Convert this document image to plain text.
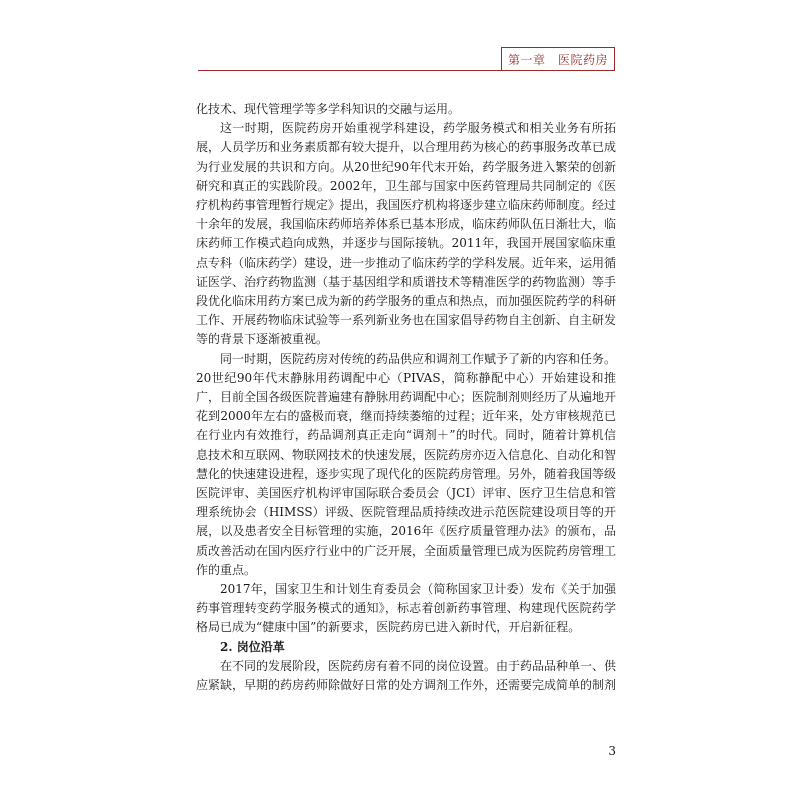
第一章　医院药房

化技术、现代管理学等多学科知识的交融与运用。

这一时期，医院药房开始重视学科建设，药学服务模式和相关业务有所拓展，人员学历和业务素质都有较大提升，以合理用药为核心的药事服务改革已成为行业发展的共识和方向。从20世纪90年代末开始，药学服务进入繁荣的创新研究和真正的实践阶段。2002年，卫生部与国家中医药管理局共同制定的《医疗机构药事管理暂行规定》提出，我国医疗机构将逐步建立临床药师制度。经过十余年的发展，我国临床药师培养体系已基本形成，临床药师队伍日渐壮大，临床药师工作模式趋向成熟，并逐步与国际接轨。2011年，我国开展国家临床重点专科（临床药学）建设，进一步推动了临床药学的学科发展。近年来，运用循证医学、治疗药物监测（基于基因组学和质谱技术等精准医学的药物监测）等手段优化临床用药方案已成为新的药学服务的重点和热点，而加强医院药学的科研工作、开展药物临床试验等一系列新业务也在国家倡导药物自主创新、自主研发等的背景下逐渐被重视。

同一时期，医院药房对传统的药品供应和调剂工作赋予了新的内容和任务。20世纪90年代末静脉用药调配中心（PIVAS，简称静配中心）开始建设和推广，目前全国各级医院普遍建有静脉用药调配中心；医院制剂则经历了从遍地开花到2000年左右的盛极而衰，继而持续萎缩的过程；近年来，处方审核规范已在行业内有效推行，药品调剂真正走向“调剂＋”的时代。同时，随着计算机信息技术和互联网、物联网技术的快速发展，医院药房亦迈入信息化、自动化和智慧化的快速建设进程，逐步实现了现代化的医院药房管理。另外，随着我国等级医院评审、美国医疗机构评审国际联合委员会（JCI）评审、医疗卫生信息和管理系统协会（HIMSS）评级、医院管理品质持续改进示范医院建设项目等的开展，以及患者安全目标管理的实施，2016年《医疗质量管理办法》的颁布，品质改善活动在国内医疗行业中的广泛开展，全面质量管理已成为医院药房管理工作的重点。

2017年，国家卫生和计划生育委员会（简称国家卫计委）发布《关于加强药事管理转变药学服务模式的通知》，标志着创新药事管理、构建现代医院药学格局已成为“健康中国”的新要求，医院药房已进入新时代，开启新征程。

2. 岗位沿革

在不同的发展阶段，医院药房有着不同的岗位设置。由于药品品种单一、供应紧缺，早期的药房药师除做好日常的处方调剂工作外，还需要完成简单的制剂

3
